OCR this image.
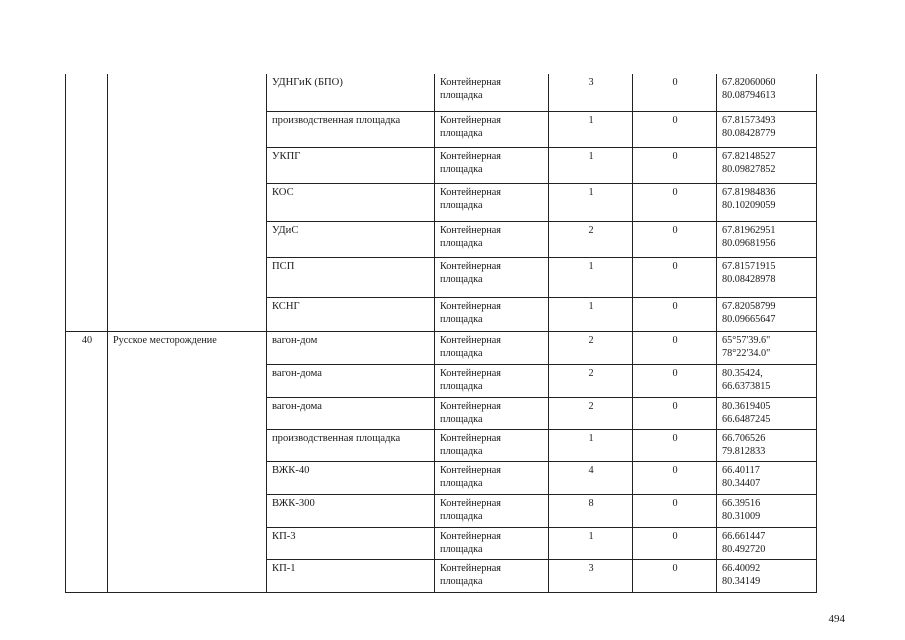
		УДНГиК (БПО)	Контейнерная площадка	3	0	67.82060060
80.08794613

		производственная площадка	Контейнерная площадка	1	0	67.81573493
80.08428779

		УКПГ	Контейнерная площадка	1	0	67.82148527
80.09827852

		КОС	Контейнерная площадка	1	0	67.81984836
80.10209059

		УДиС	Контейнерная площадка	2	0	67.81962951
80.09681956

		ПСП	Контейнерная площадка	1	0	67.81571915
80.08428978

		КСНГ	Контейнерная площадка	1	0	67.82058799
80.09665647

40	Русское месторождение	вагон-дом	Контейнерная площадка	2	0	65°57'39.6"
78°22'34.0"

		вагон-дома	Контейнерная площадка	2	0	80.35424,
66.6373815

		вагон-дома	Контейнерная площадка	2	0	80.3619405
66.6487245

		производственная площадка	Контейнерная площадка	1	0	66.706526
79.812833

		ВЖК-40	Контейнерная площадка	4	0	66.40117
80.34407

		ВЖК-300	Контейнерная площадка	8	0	66.39516
80.31009

		КП-3	Контейнерная площадка	1	0	66.661447
80.492720

		КП-1	Контейнерная площадка	3	0	66.40092
80.34149
494
